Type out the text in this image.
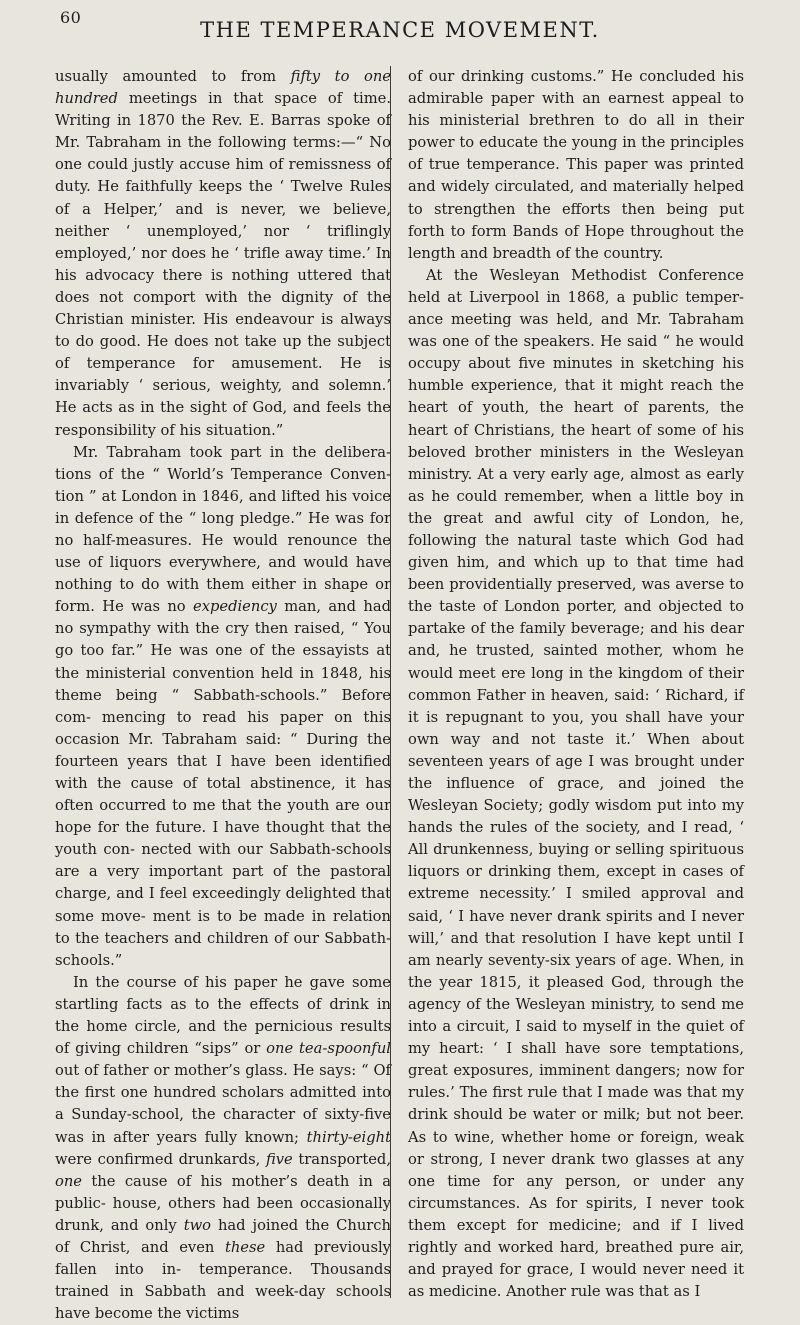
60
THE TEMPERANCE MOVEMENT.

usually amounted to from fifty to one hundred meetings in that space of time. Writing in 1870 the Rev. E. Barras spoke of Mr. Tabraham in the following terms:—“ No one could justly accuse him of remissness of duty. He faithfully keeps the ‘ Twelve Rules of a Helper,’ and is never, we believe, neither ‘ unemployed,’ nor ‘ triflingly employed,’ nor does he ‘ trifle away time.’ In his advocacy there is nothing uttered that does not comport with the dignity of the Christian minister. His endeavour is always to do good. He does not take up the subject of temperance for amusement. He is invariably ‘ serious, weighty, and solemn.’ He acts as in the sight of God, and feels the responsibility of his situation.”

Mr. Tabraham took part in the delibera- tions of the “ World’s Temperance Conven- tion ” at London in 1846, and lifted his voice in defence of the “ long pledge.” He was for no half-measures. He would renounce the use of liquors everywhere, and would have nothing to do with them either in shape or form. He was no expediency man, and had no sympathy with the cry then raised, “ You go too far.” He was one of the essayists at the ministerial convention held in 1848, his theme being “ Sabbath-schools.” Before com- mencing to read his paper on this occasion Mr. Tabraham said: “ During the fourteen years that I have been identified with the cause of total abstinence, it has often occurred to me that the youth are our hope for the future. I have thought that the youth con- nected with our Sabbath-schools are a very important part of the pastoral charge, and I feel exceedingly delighted that some move- ment is to be made in relation to the teachers and children of our Sabbath-schools.”

In the course of his paper he gave some startling facts as to the effects of drink in the home circle, and the pernicious results of giving children “sips” or one tea-spoonful out of father or mother’s glass. He says: “ Of the first one hundred scholars admitted into a Sunday-school, the character of sixty-five was in after years fully known; thirty-eight were confirmed drunkards, five transported, one the cause of his mother’s death in a public- house, others had been occasionally drunk, and only two had joined the Church of Christ, and even these had previously fallen into in- temperance. Thousands trained in Sabbath and week-day schools have become the victims

of our drinking customs.” He concluded his admirable paper with an earnest appeal to his ministerial brethren to do all in their power to educate the young in the principles of true temperance. This paper was printed and widely circulated, and materially helped to strengthen the efforts then being put forth to form Bands of Hope throughout the length and breadth of the country.

At the Wesleyan Methodist Conference held at Liverpool in 1868, a public temper- ance meeting was held, and Mr. Tabraham was one of the speakers. He said “ he would occupy about five minutes in sketching his humble experience, that it might reach the heart of youth, the heart of parents, the heart of Christians, the heart of some of his beloved brother ministers in the Wesleyan ministry. At a very early age, almost as early as he could remember, when a little boy in the great and awful city of London, he, following the natural taste which God had given him, and which up to that time had been providentially preserved, was averse to the taste of London porter, and objected to partake of the family beverage; and his dear and, he trusted, sainted mother, whom he would meet ere long in the kingdom of their common Father in heaven, said: ‘ Richard, if it is repugnant to you, you shall have your own way and not taste it.’ When about seventeen years of age I was brought under the influence of grace, and joined the Wesleyan Society; godly wisdom put into my hands the rules of the society, and I read, ‘ All drunkenness, buying or selling spirituous liquors or drinking them, except in cases of extreme necessity.’ I smiled approval and said, ‘ I have never drank spirits and I never will,’ and that resolution I have kept until I am nearly seventy-six years of age. When, in the year 1815, it pleased God, through the agency of the Wesleyan ministry, to send me into a circuit, I said to myself in the quiet of my heart: ‘ I shall have sore temptations, great exposures, imminent dangers; now for rules.’ The first rule that I made was that my drink should be water or milk; but not beer. As to wine, whether home or foreign, weak or strong, I never drank two glasses at any one time for any person, or under any circumstances. As for spirits, I never took them except for medicine; and if I lived rightly and worked hard, breathed pure air, and prayed for grace, I would never need it as medicine. Another rule was that as I
